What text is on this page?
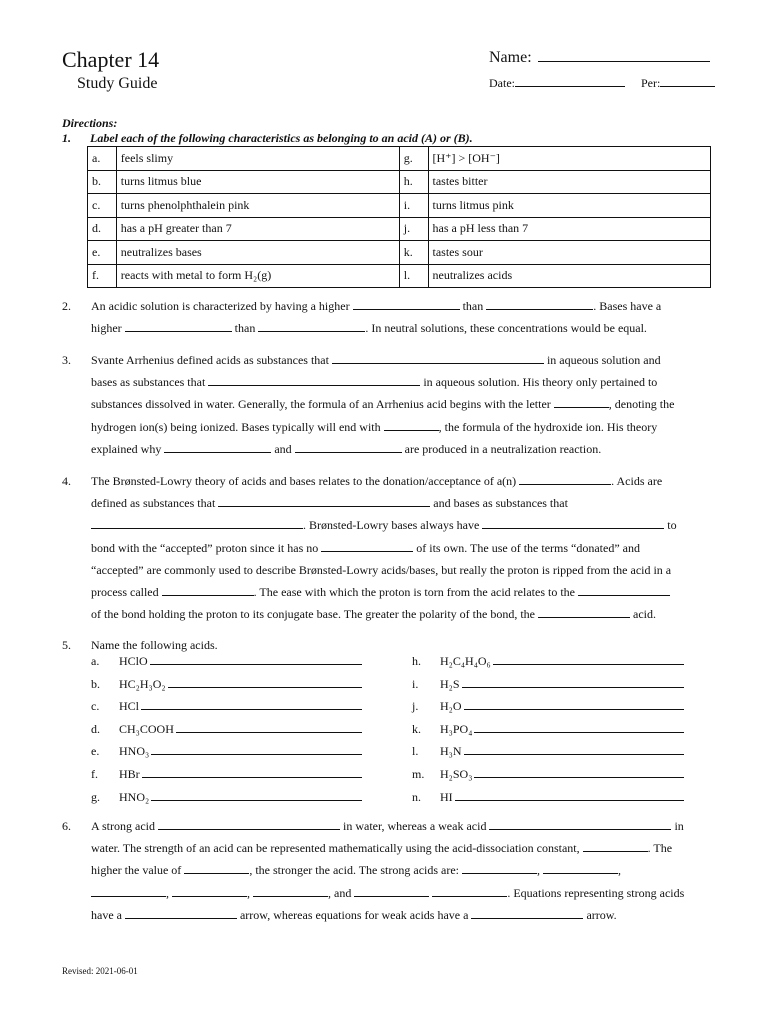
Chapter 14
Study Guide
Name:
Date:	Per:
Directions:
1. Label each of the following characteristics as belonging to an acid (A) or (B).
a.	feels slimy	g.	[H⁺] > [OH⁻]
b.	turns litmus blue	h.	tastes bitter
c.	turns phenolphthalein pink	i.	turns litmus pink
d.	has a pH greater than 7	j.	has a pH less than 7
e.	neutralizes bases	k.	tastes sour
f.	reacts with metal to form H₂(g)	l.	neutralizes acids
2. An acidic solution is characterized by having a higher	than	. Bases have a
higher	than	. In neutral solutions, these concentrations would be equal.
3. Svante Arrhenius defined acids as substances that	in aqueous solution and
bases as substances that	in aqueous solution. His theory only pertained to
substances dissolved in water. Generally, the formula of an Arrhenius acid begins with the letter	, denoting the
hydrogen ion(s) being ionized. Bases typically will end with	, the formula of the hydroxide ion. His theory
explained why	and	are produced in a neutralization reaction.
4. The Brønsted-Lowry theory of acids and bases relates to the donation/acceptance of a(n)	. Acids are
defined as substances that	and bases as substances that
. Brønsted-Lowry bases always have	to
bond with the “accepted” proton since it has no	of its own. The use of the terms “donated” and
“accepted” are commonly used to describe Brønsted-Lowry acids/bases, but really the proton is ripped from the acid in a
process called	. The ease with which the proton is torn from the acid relates to the
of the bond holding the proton to its conjugate base. The greater the polarity of the bond, the	acid.
5. Name the following acids.
a.	HClO
b.	HC₂H₃O₂
c.	HCl
d.	CH₃COOH
e.	HNO₃
f.	HBr
g.	HNO₂
h.	H₂C₄H₄O₆
i.	H₂S
j.	H₂O
k.	H₃PO₄
l.	H₃N
m.	H₂SO₃
n.	HI
6. A strong acid	in water, whereas a weak acid	in
water. The strength of an acid can be represented mathematically using the acid-dissociation constant,	. The
higher the value of	, the stronger the acid. The strong acids are:	,	,
,	,	, and	. Equations representing strong acids
have a	arrow, whereas equations for weak acids have a	arrow.
Revised: 2021-06-01
